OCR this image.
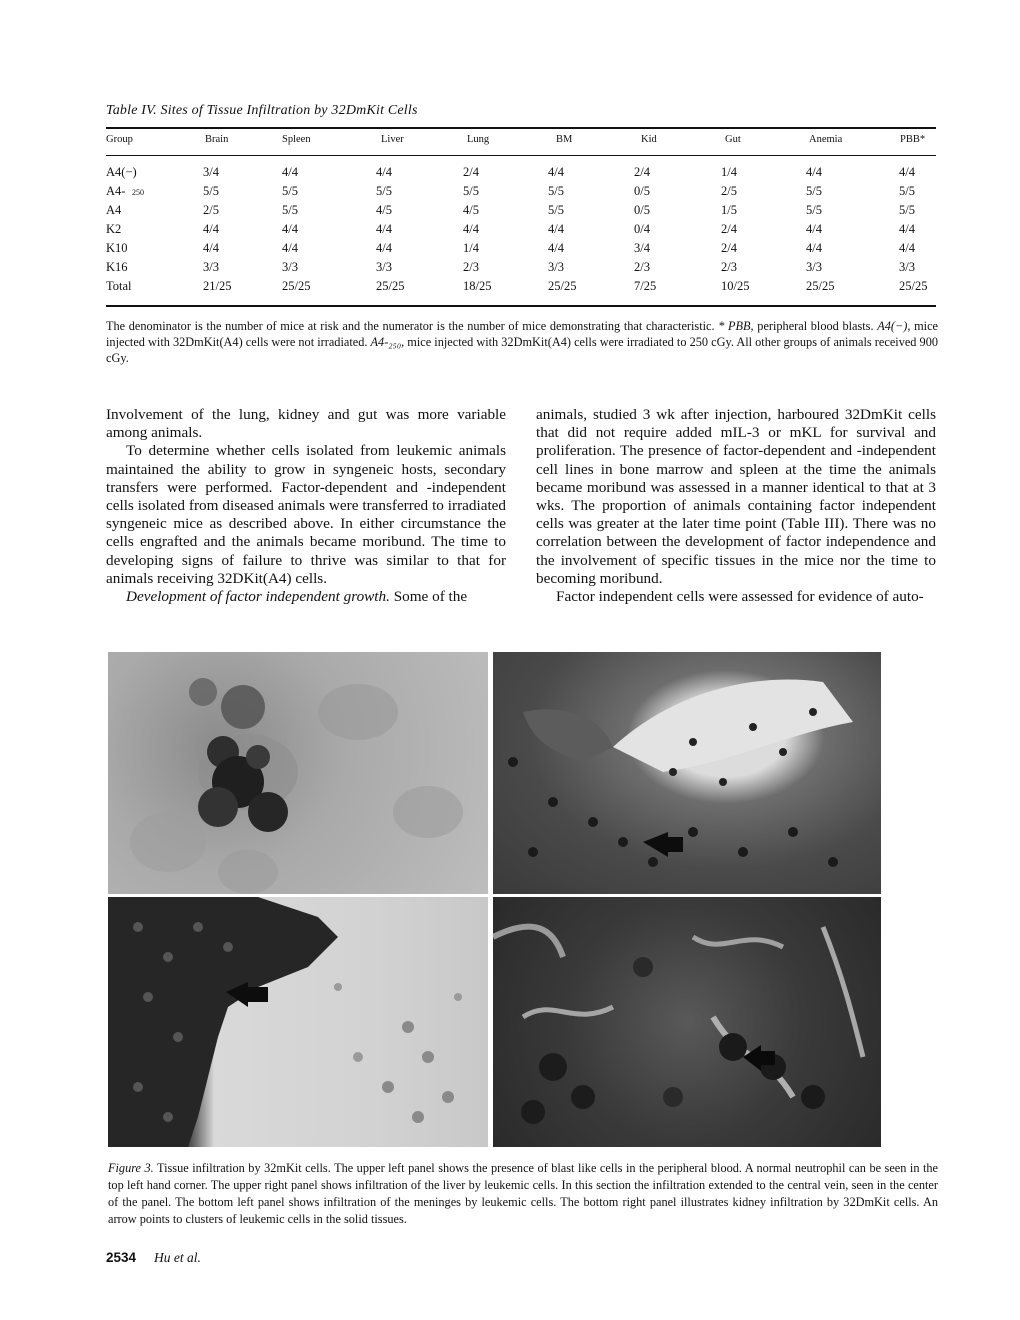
Table IV. Sites of Tissue Infiltration by 32DmKit Cells
Group	Brain	Spleen	Liver	Lung	BM	Kid	Gut	Anemia	PBB*
A4(−)	3/4	4/4	4/4	2/4	4/4	2/4	1/4	4/4	4/4
A4- 250	5/5	5/5	5/5	5/5	5/5	0/5	2/5	5/5	5/5
A4	2/5	5/5	4/5	4/5	5/5	0/5	1/5	5/5	5/5
K2	4/4	4/4	4/4	4/4	4/4	0/4	2/4	4/4	4/4
K10	4/4	4/4	4/4	1/4	4/4	3/4	2/4	4/4	4/4
K16	3/3	3/3	3/3	2/3	3/3	2/3	2/3	3/3	3/3
Total	21/25	25/25	25/25	18/25	25/25	7/25	10/25	25/25	25/25
The denominator is the number of mice at risk and the numerator is the number of mice demonstrating that characteristic. * PBB, peripheral blood blasts. A4(−), mice injected with 32DmKit(A4) cells were not irradiated. A4-₂₅₀, mice injected with 32DmKit(A4) cells were irradiated to 250 cGy. All other groups of animals received 900 cGy.

Involvement of the lung, kidney and gut was more variable among animals.

To determine whether cells isolated from leukemic animals maintained the ability to grow in syngeneic hosts, secondary transfers were performed. Factor-dependent and -independent cells isolated from diseased animals were transferred to irradiated syngeneic mice as described above. In either circumstance the cells engrafted and the animals became moribund. The time to developing signs of failure to thrive was similar to that for animals receiving 32DKit(A4) cells.

Development of factor independent growth. Some of the

animals, studied 3 wk after injection, harboured 32DmKit cells that did not require added mIL-3 or mKL for survival and proliferation. The presence of factor-dependent and -independent cell lines in bone marrow and spleen at the time the animals became moribund was assessed in a manner identical to that at 3 wks. The proportion of animals containing factor independent cells was greater at the later time point (Table III). There was no correlation between the development of factor independence and the involvement of specific tissues in the mice nor the time to becoming moribund.

Factor independent cells were assessed for evidence of auto-

Figure 3. Tissue infiltration by 32mKit cells. The upper left panel shows the presence of blast like cells in the peripheral blood. A normal neutrophil can be seen in the top left hand corner. The upper right panel shows infiltration of the liver by leukemic cells. In this section the infiltration extended to the central vein, seen in the center of the panel. The bottom left panel shows infiltration of the meninges by leukemic cells. The bottom right panel illustrates kidney infiltration by 32DmKit cells. An arrow points to clusters of leukemic cells in the solid tissues.
2534 Hu et al.
